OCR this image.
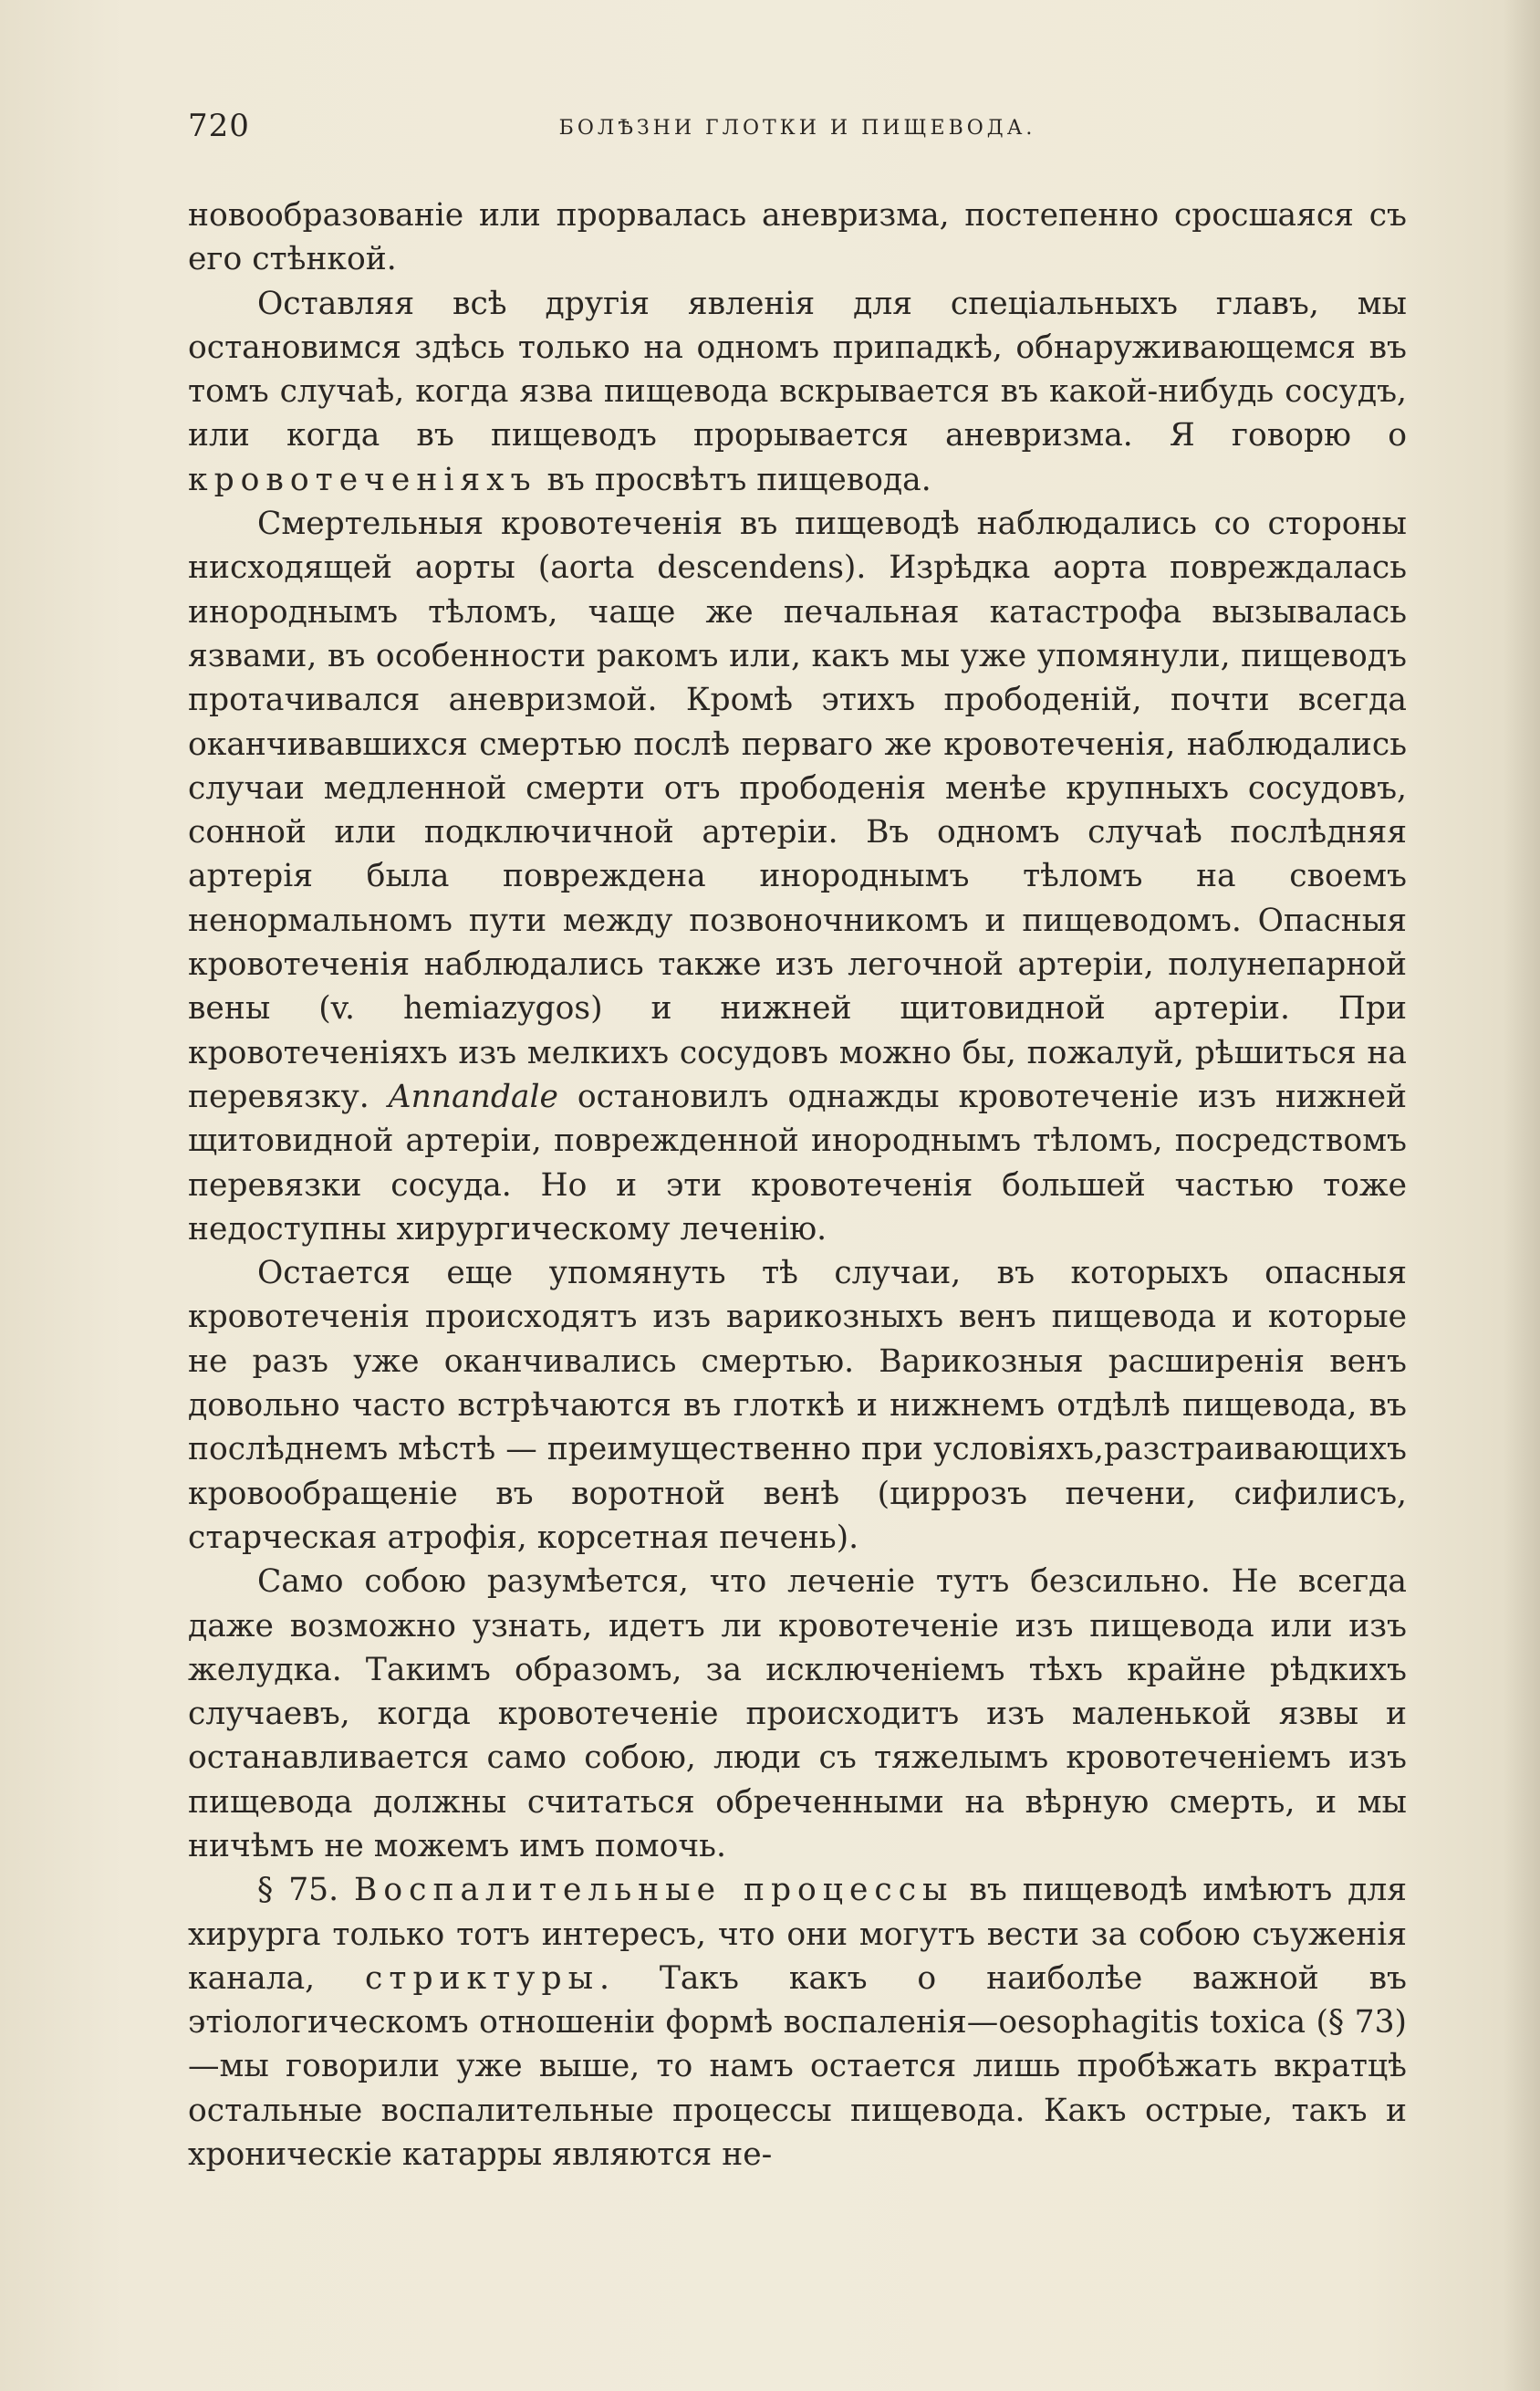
720	БОЛѢЗНИ ГЛОТКИ И ПИЩЕВОДА.

новообразованіе или прорвалась аневризма, постепенно сросшаяся съ его стѣнкой.

Оставляя всѣ другія явленія для спеціальныхъ главъ, мы остановимся здѣсь только на одномъ припадкѣ, обнаруживающемся въ томъ случаѣ, когда язва пищевода вскрывается въ какой-нибудь сосудъ, или когда въ пищеводъ прорывается аневризма. Я говорю о кровотеченіяхъ въ просвѣтъ пищевода.

Смертельныя кровотеченія въ пищеводѣ наблюдались со стороны нисходящей аорты (aorta descendens). Изрѣдка аорта повреждалась инороднымъ тѣломъ, чаще же печальная катастрофа вызывалась язвами, въ особенности ракомъ или, какъ мы уже упомянули, пищеводъ протачивался аневризмой. Кромѣ этихъ прободеній, почти всегда оканчивавшихся смертью послѣ перваго же кровотеченія, наблюдались случаи медленной смерти отъ прободенія менѣе крупныхъ сосудовъ, сонной или подключичной артеріи. Въ одномъ случаѣ послѣдняя артерія была повреждена инороднымъ тѣломъ на своемъ ненормальномъ пути между позвоночникомъ и пищеводомъ. Опасныя кровотеченія наблюдались также изъ легочной артеріи, полунепарной вены (v. hemiazygos) и нижней щитовидной артеріи. При кровотеченіяхъ изъ мелкихъ сосудовъ можно бы, пожалуй, рѣшиться на перевязку. Annandale остановилъ однажды кровотеченіе изъ нижней щитовидной артеріи, поврежденной инороднымъ тѣломъ, посредствомъ перевязки сосуда. Но и эти кровотеченія большей частью тоже недоступны хирургическому леченію.

Остается еще упомянуть тѣ случаи, въ которыхъ опасныя кровотеченія происходятъ изъ варикозныхъ венъ пищевода и которые не разъ уже оканчивались смертью. Варикозныя расширенія венъ довольно часто встрѣчаются въ глоткѣ и нижнемъ отдѣлѣ пищевода, въ послѣднемъ мѣстѣ — преимущественно при условіяхъ,разстраивающихъ кровообращеніе въ воротной венѣ (циррозъ печени, сифилисъ, старческая атрофія, корсетная печень).

Само собою разумѣется, что леченіе тутъ безсильно. Не всегда даже возможно узнать, идетъ ли кровотеченіе изъ пищевода или изъ желудка. Такимъ образомъ, за исключеніемъ тѣхъ крайне рѣдкихъ случаевъ, когда кровотеченіе происходитъ изъ маленькой язвы и останавливается само собою, люди съ тяжелымъ кровотеченіемъ изъ пищевода должны считаться обреченными на вѣрную смерть, и мы ничѣмъ не можемъ имъ помочь.

§ 75. Воспалительные процессы въ пищеводѣ имѣютъ для хирурга только тотъ интересъ, что они могутъ вести за собою съуженія канала, стриктуры. Такъ какъ о наиболѣе важной въ этіологическомъ отношеніи формѣ воспаленія—oesophagitis toxica (§ 73)—мы говорили уже выше, то намъ остается лишь пробѣжать вкратцѣ остальные воспалительные процессы пищевода. Какъ острые, такъ и хроническіе катарры являются не-
